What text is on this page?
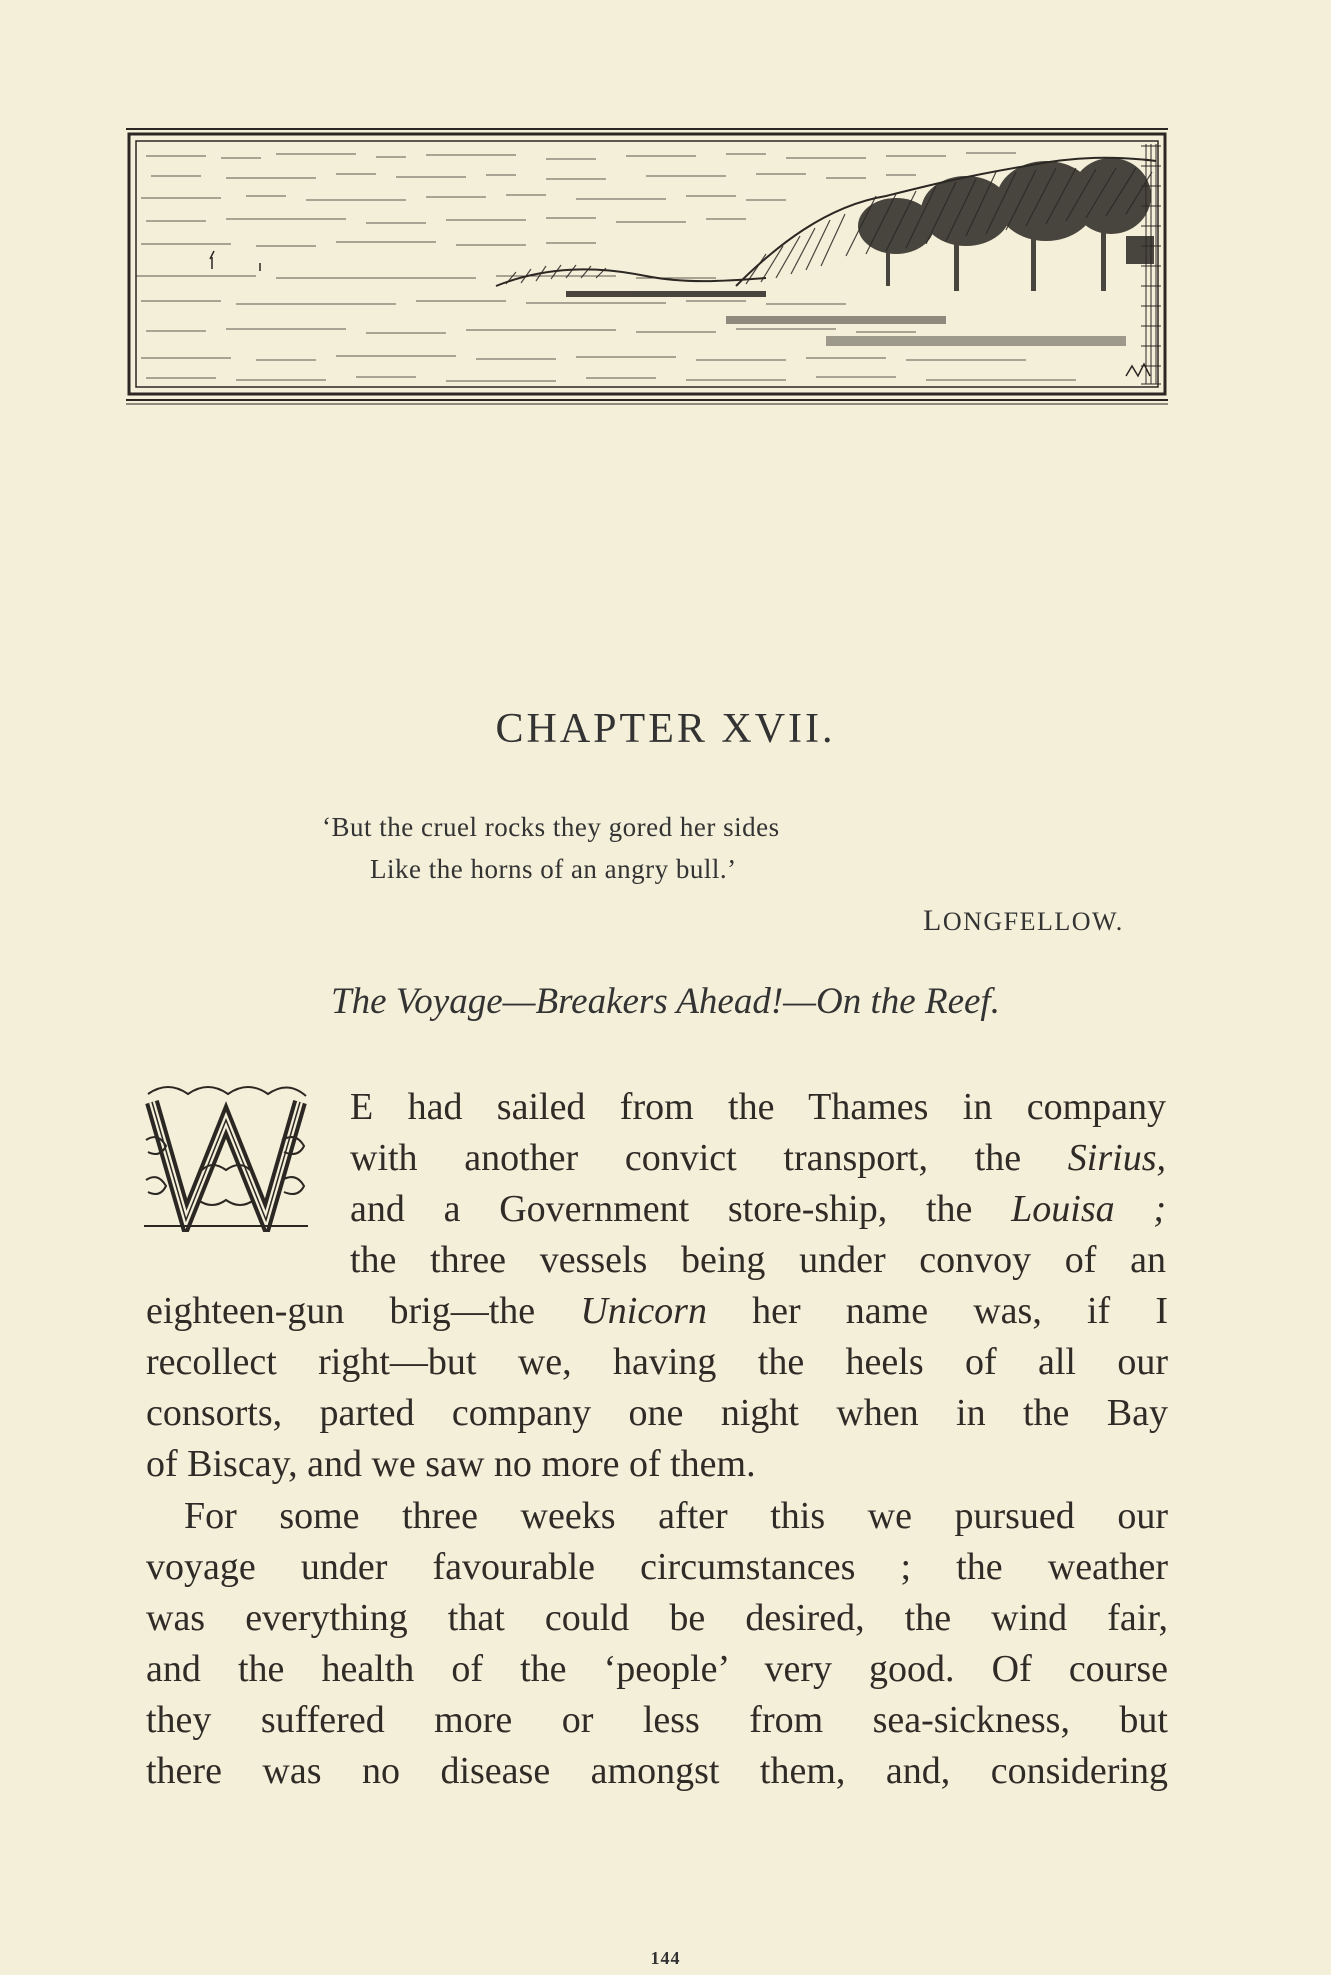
CHAPTER XVII.
‘But the cruel rocks they gored her sides
Like the horns of an angry bull.’
LONGFELLOW.
The Voyage—Breakers Ahead!—On the Reef.
W
E had sailed from the Thames in company
with another convict transport, the Sirius,
and a Government store-ship, the Louisa ;
the three vessels being under convoy of an
eighteen-gun brig—the Unicorn her name was, if I
recollect right—but we, having the heels of all our
consorts, parted company one night when in the Bay
of Biscay, and we saw no more of them.
For some three weeks after this we pursued our
voyage under favourable circumstances ; the weather
was everything that could be desired, the wind fair,
and the health of the ‘people’ very good. Of course
they suffered more or less from sea-sickness, but
there was no disease amongst them, and, considering
144
